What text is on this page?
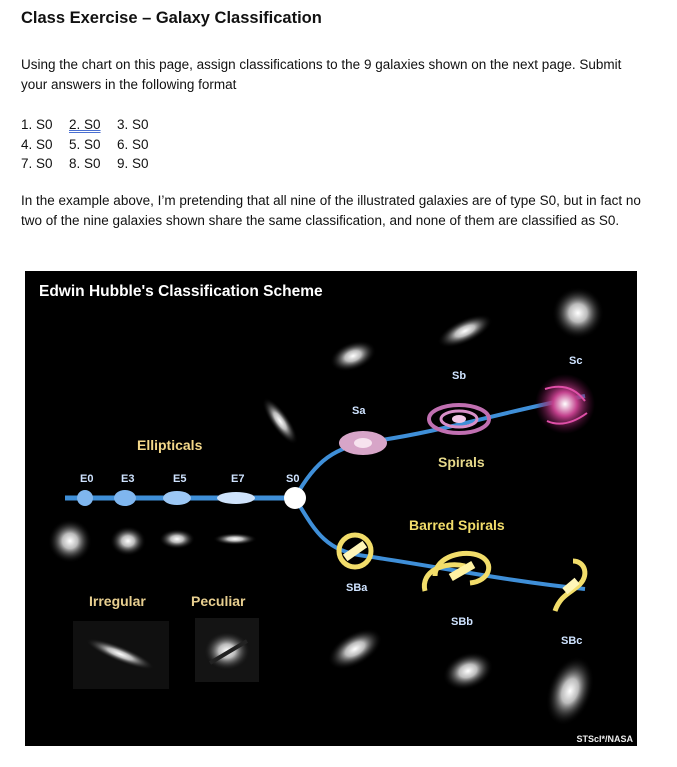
Class Exercise – Galaxy Classification
Using the chart on this page, assign classifications to the 9 galaxies shown on the next page. Submit your answers in the following format
1. S0 2. S0 3. S0
4. S0 5. S0 6. S0
7. S0 8. S0 9. S0
In the example above, I’m pretending that all nine of the illustrated galaxies are of type S0, but in fact no two of the nine galaxies shown share the same classification, and none of them are classified as S0.
Edwin Hubble's Classification Scheme
Ellipticals
Spirals
Barred Spirals
Irregular	Peculiar
E0	E3	E5	E7	S0
Sa
Sb
Sc
SBa
SBb
SBc
STScI*/NASA
